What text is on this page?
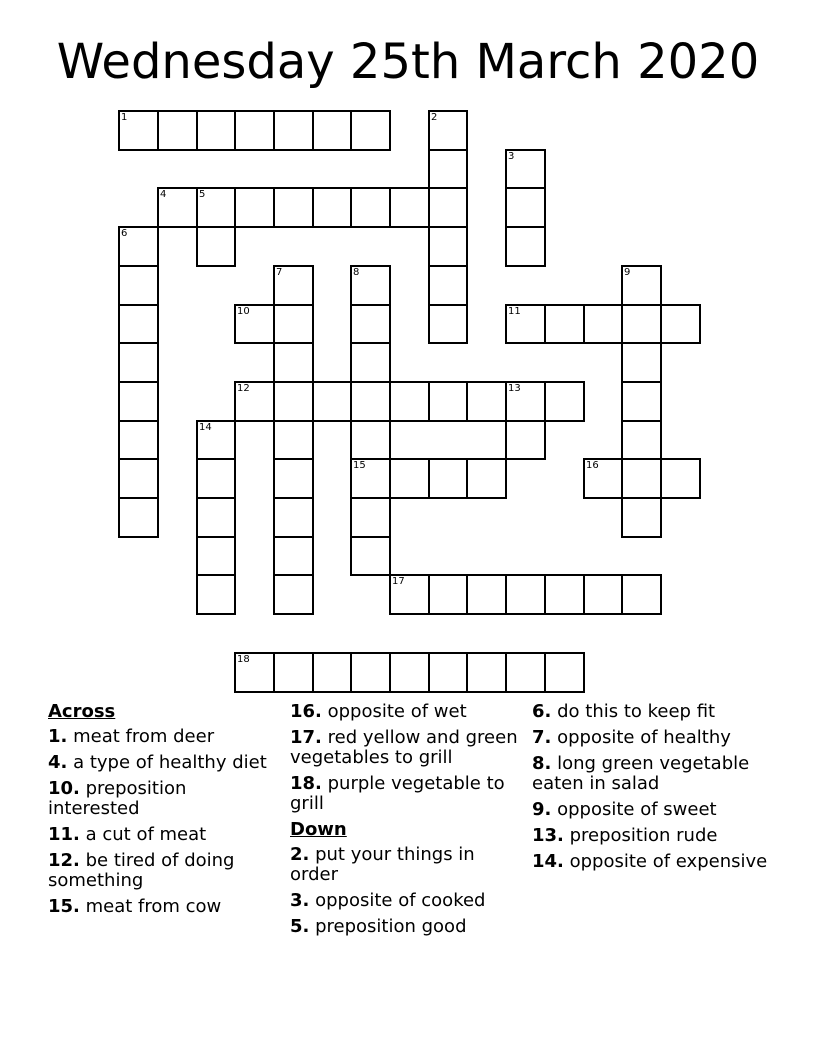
Wednesday 25th March 2020
1	2
3
4	5
6
7	8	9
10	11
12	13
14
15	16
17
18
Across
1. meat from deer
4. a type of healthy diet
10. preposition interested
11. a cut of meat
12. be tired of doing something
15. meat from cow
16. opposite of wet
17. red yellow and green vegetables to grill
18. purple vegetable to grill
Down
2. put your things in order
3. opposite of cooked
5. preposition good
6. do this to keep fit
7. opposite of healthy
8. long green vegetable eaten in salad
9. opposite of sweet
13. preposition rude
14. opposite of expensive
